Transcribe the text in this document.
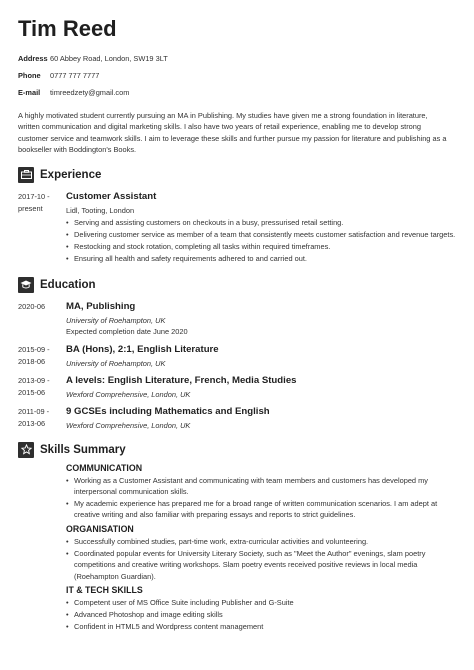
Tim Reed
Address 60 Abbey Road, London, SW19 3LT
Phone	0777 777 7777
E-mail	timreedzety@gmail.com

A highly motivated student currently pursuing an MA in Publishing. My studies have given me a strong foundation in literature, written communication and digital marketing skills. I also have two years of retail experience, enabling me to develop strong customer service and teamwork skills. I aim to leverage these skills and further pursue my passion for literature and publishing as a bookseller with Boddington's Books.

Experience
2017-10 -
present
Customer Assistant
Lidl, Tooting, London
• Serving and assisting customers on checkouts in a busy, pressurised retail setting.
• Delivering customer service as member of a team that consistently meets customer satisfaction and revenue targets.
• Restocking and stock rotation, completing all tasks within required timeframes.
• Ensuring all health and safety requirements adhered to and carried out.
Education
2020-06	MA, Publishing
University of Roehampton, UK
Expected completion date June 2020
2015-09 -
2018-06
BA (Hons), 2:1, English Literature
University of Roehampton, UK
2013-09 -
2015-06
A levels: English Literature, French, Media Studies
Wexford Comprehensive, London, UK
2011-09 -
2013-06
9 GCSEs including Mathematics and English
Wexford Comprehensive, London, UK
Skills Summary
COMMUNICATION
• Working as a Customer Assistant and communicating with team members and customers has developed my interpersonal communication skills.
• My academic experience has prepared me for a broad range of written communication scenarios. I am adept at creative writing and also familiar with preparing essays and reports to strict guidelines.
ORGANISATION
• Successfully combined studies, part-time work, extra-curricular activities and volunteering.
• Coordinated popular events for University Literary Society, such as "Meet the Author" evenings, slam poetry competitions and creative writing workshops. Slam poetry events received positive reviews in local media (Roehampton Guardian).
IT & TECH SKILLS
• Competent user of MS Office Suite including Publisher and G-Suite
• Advanced Photoshop and image editing skills
• Confident in HTML5 and Wordpress content management
